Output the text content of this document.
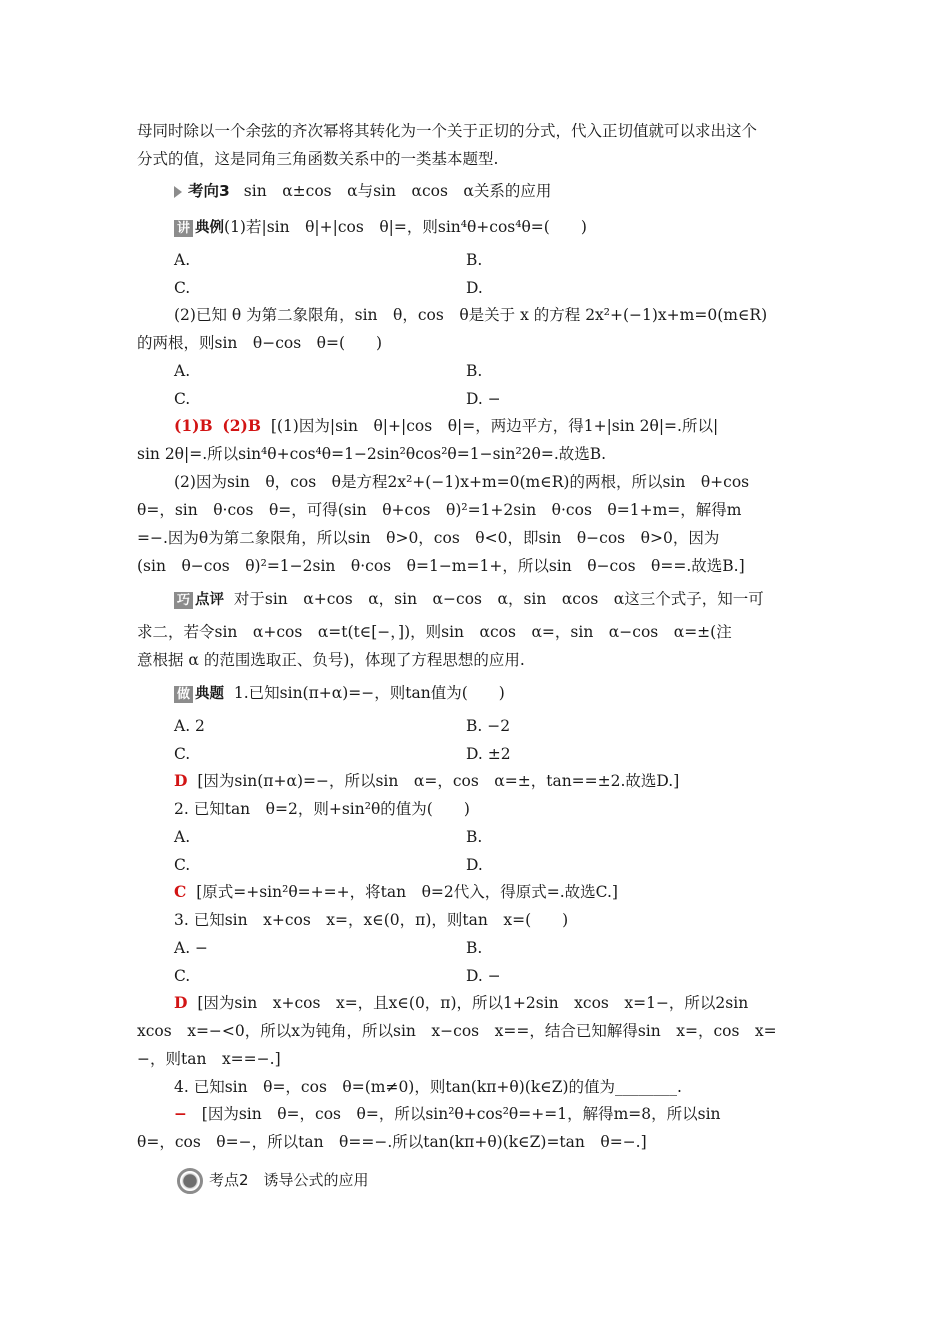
母同时除以一个余弦的齐次幂将其转化为一个关于正切的分式，代入正切值就可以求出这个
分式的值，这是同角三角函数关系中的一类基本题型.
考向3 sin　α±cos　α与sin　αcos　α关系的应用
讲 典例(1)若|sin　θ|+|cos　θ|=，则sin⁴θ+cos⁴θ=(　　)
A.	B.
C.	D.
(2)已知 θ 为第二象限角，sin　θ，cos　θ是关于 x 的方程 2x²+(−1)x+m=0(m∈R)
的两根，则sin　θ−cos　θ=(　　)
A.	B.
C.	D. −
(1)B (2)B [(1)因为|sin　θ|+|cos　θ|=，两边平方，得1+|sin 2θ|=.所以|
sin 2θ|=.所以sin⁴θ+cos⁴θ=1−2sin²θcos²θ=1−sin²2θ=.故选B.
(2)因为sin　θ，cos　θ是方程2x²+(−1)x+m=0(m∈R)的两根，所以sin　θ+cos
θ=，sin　θ·cos　θ=，可得(sin　θ+cos　θ)²=1+2sin　θ·cos　θ=1+m=，解得m
=−.因为θ为第二象限角，所以sin　θ>0，cos　θ<0，即sin　θ−cos　θ>0，因为
(sin　θ−cos　θ)²=1−2sin　θ·cos　θ=1−m=1+，所以sin　θ−cos　θ==.故选B.]
巧 点评 对于sin　α+cos　α，sin　α−cos　α，sin　αcos　α这三个式子，知一可
求二，若令sin　α+cos　α=t(t∈[−，])，则sin　αcos　α=，sin　α−cos　α=±(注
意根据 α 的范围选取正、负号)，体现了方程思想的应用.
做 典题 1.已知sin(π+α)=−，则tan值为(　　)
A. 2	B. −2
C.	D. ±2
D [因为sin(π+α)=−，所以sin　α=，cos　α=±，tan==±2.故选D.]
2. 已知tan　θ=2，则+sin²θ的值为(　　)
A.	B.
C.	D.
C [原式=+sin²θ=+=+，将tan　θ=2代入，得原式=.故选C.]
3. 已知sin　x+cos　x=，x∈(0，π)，则tan　x=(　　)
A. −	B.
C.	D. −
D [因为sin　x+cos　x=，且x∈(0，π)，所以1+2sin　xcos　x=1−，所以2sin
xcos　x=−<0，所以x为钝角，所以sin　x−cos　x==，结合已知解得sin　x=，cos　x=
−，则tan　x==−.]
4. 已知sin　θ=，cos　θ=(m≠0)，则tan(kπ+θ)(k∈Z)的值为________.
− [因为sin　θ=，cos　θ=，所以sin²θ+cos²θ=+=1，解得m=8，所以sin
θ=，cos　θ=−，所以tan　θ==−.所以tan(kπ+θ)(k∈Z)=tan　θ=−.]
考点2　诱导公式的应用
